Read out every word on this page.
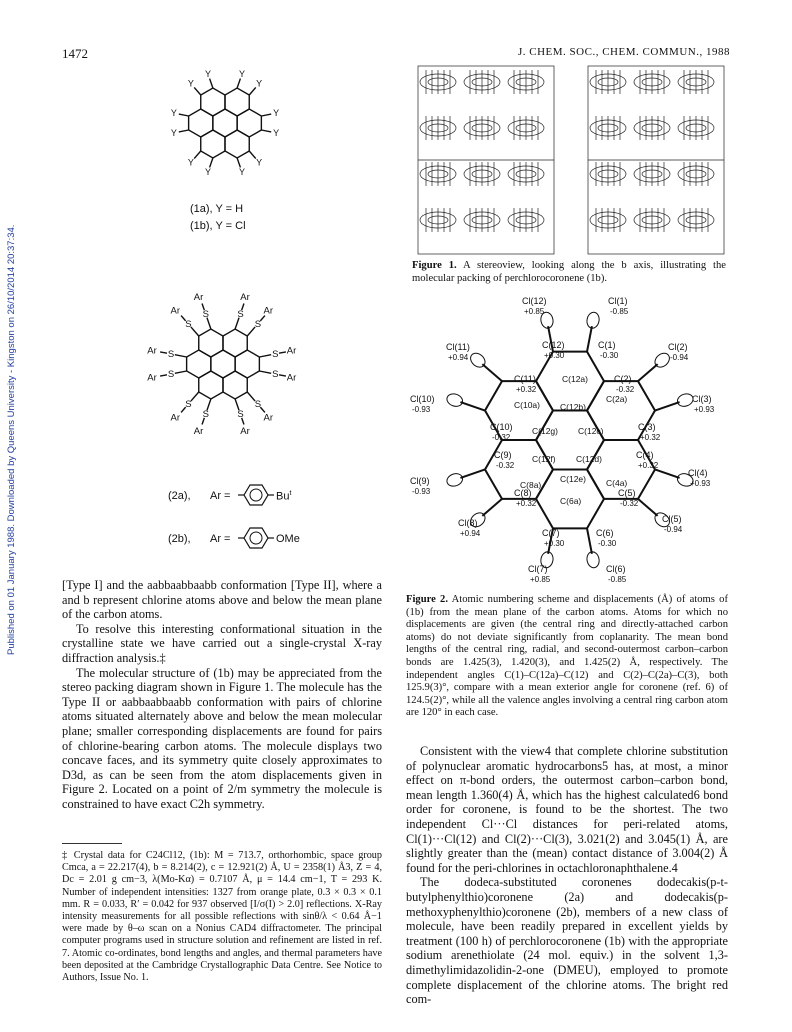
1472	J. CHEM. SOC., CHEM. COMMUN., 1988
Published on 01 January 1988. Downloaded by Queens University - Kingston on 26/10/2014 20:37:34.
Y
Y
Y
Y
Y
Y
Y
Y
Y
Y	Y
Y
(1a), Y = H
(1b), Y = Cl
S Ar
S Ar
S
Ar
S
Ar
S
Ar
S
Ar
S
Ar
S
Ar
S
Ar S
Ar
S
Ar
S
Ar
(2a), Ar =	$Bu^t$
(2b), Ar =	OMe

[Type I] and the aabbaabbaabb conformation [Type II], where a and b represent chlorine atoms above and below the mean plane of the carbon atoms.

To resolve this interesting conformational situation in the crystalline state we have carried out a single-crystal X-ray diffraction analysis.‡

The molecular structure of (1b) may be appreciated from the stereo packing diagram shown in Figure 1. The molecule has the Type II or aabbaabbaabb conformation with pairs of chlorine atoms situated alternately above and below the mean molecular plane; smaller corresponding displacements are found for pairs of chlorine-bearing carbon atoms. The molecule displays two concave faces, and its symmetry quite closely approximates to D3d, as can be seen from the atom displacements given in Figure 2. Located on a point of 2/m symmetry the molecule is constrained to have exact C2h symmetry.

‡ Crystal data for C24Cl12, (1b): M = 713.7, orthorhombic, space group Cmca, a = 22.217(4), b = 8.214(2), c = 12.921(2) Å, U = 2358(1) Å3, Z = 4, Dc = 2.01 g cm−3, λ(Mo-Kα) = 0.7107 Å, μ = 14.4 cm−1, T = 293 K. Number of independent intensities: 1327 from orange plate, 0.3 × 0.3 × 0.1 mm. R = 0.033, R′ = 0.042 for 937 observed [I/σ(I) > 2.0] reflections. X-Ray intensity measurements for all possible reflections with sinθ/λ < 0.64 Å−1 were made by θ–ω scan on a Nonius CAD4 diffractometer. The principal computer programs used in structure solution and refinement are listed in ref. 7. Atomic co-ordinates, bond lengths and angles, and thermal parameters have been deposited at the Cambridge Crystallographic Data Centre. See Notice to Authors, Issue No. 1.
Figure 1. A stereoview, looking along the b axis, illustrating the molecular packing of perchlorocoronene (1b).
Cl(12)
+0.85
Cl(1)
-0.85
Cl(11)
+0.94
Cl(2)
-0.94
Cl(10)
-0.93
Cl(3)
+0.93
Cl(9)
-0.93
Cl(4)
+0.93
Cl(8)
+0.94
Cl(5)
-0.94
Cl(7)
+0.85
Cl(6)
-0.85
C(12)
+0.30
C(1)
-0.30
C(11)
+0.32
C(2)
-0.32
C(10)
-0.32
C(3)
+0.32
C(9)
-0.32
C(4)
+0.32
C(8)
+0.32
C(5)
-0.32
C(7)
+0.30
C(6)
-0.30
C(12a)
C(2a)
C(10a) C(12b)
C(12g) C(12c)
C(12f) C(12d)
C(8a)
C(12e) C(4a)
C(6a)
Figure 2. Atomic numbering scheme and displacements (Å) of atoms of (1b) from the mean plane of the carbon atoms. Atoms for which no displacements are given (the central ring and directly-attached carbon atoms) do not deviate significantly from coplanarity. The mean bond lengths of the central ring, radial, and second-outermost carbon–carbon bonds are 1.425(3), 1.420(3), and 1.425(2) Å, respectively. The independent angles C(1)–C(12a)–C(12) and C(2)–C(2a)–C(3), both 125.9(3)°, compare with a mean exterior angle for coronene (ref. 6) of 124.5(2)°, while all the valence angles involving a central ring carbon atom are 120° in each case.

Consistent with the view4 that complete chlorine substitution of polynuclear aromatic hydrocarbons5 has, at most, a minor effect on π-bond orders, the outermost carbon–carbon bond, mean length 1.360(4) Å, which has the highest calculated6 bond order for coronene, is found to be the shortest. The two independent Cl···Cl distances for peri-related atoms, Cl(1)···Cl(12) and Cl(2)···Cl(3), 3.021(2) and 3.045(1) Å, are slightly greater than the (mean) contact distance of 3.004(2) Å found for the peri-chlorines in octachloronaphthalene.4

The dodeca-substituted coronenes dodecakis(p-t-butylphenylthio)coronene (2a) and dodecakis(p-methoxyphenylthio)coronene (2b), members of a new class of molecule, have been readily prepared in excellent yields by treatment (100 h) of perchlorocoronene (1b) with the appropriate sodium arenethiolate (24 mol. equiv.) in the solvent 1,3-dimethylimidazolidin-2-one (DMEU), employed to promote complete displacement of the chlorine atoms. The bright red com-
